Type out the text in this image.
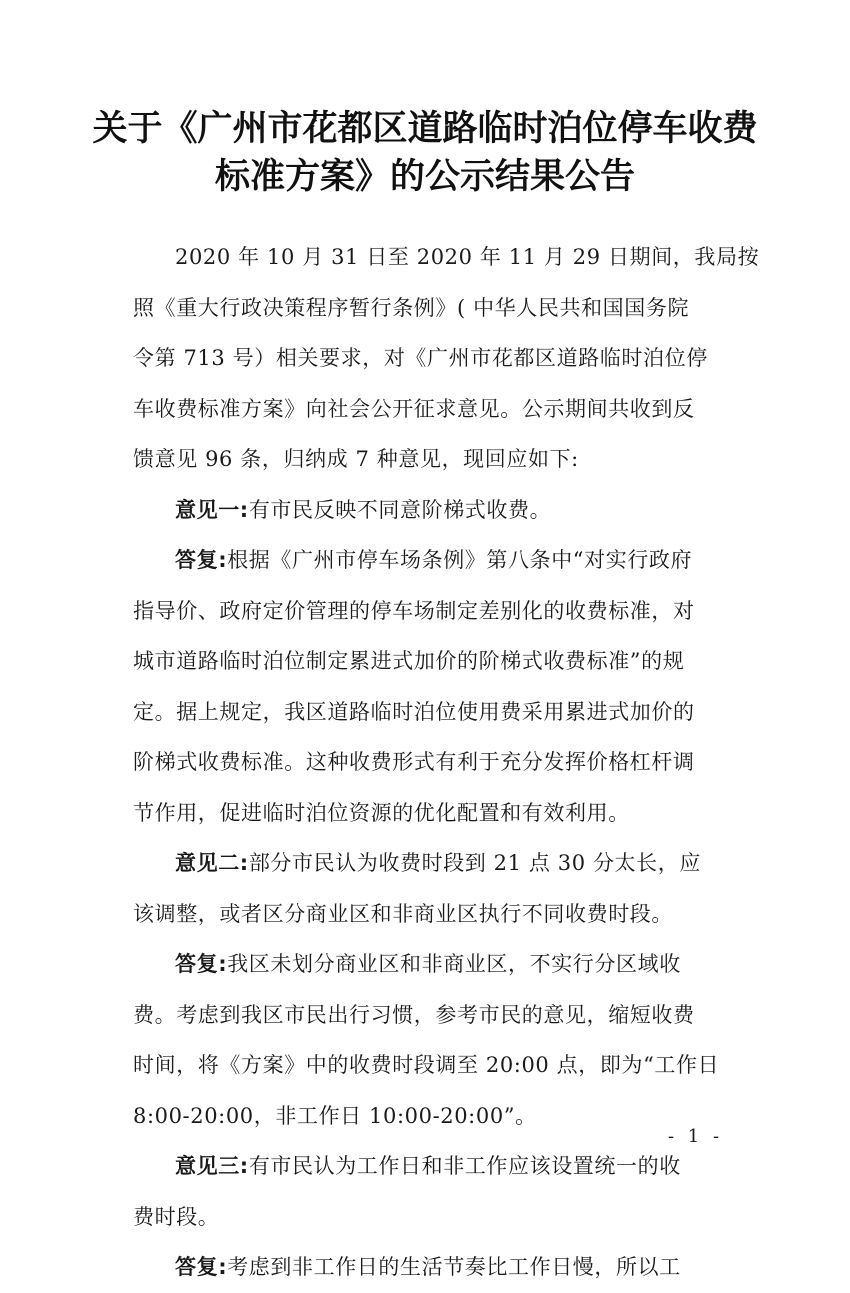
关于《广州市花都区道路临时泊位停车收费
标准方案》的公示结果公告
2020 年 10 月 31 日至 2020 年 11 月 29 日期间，我局按
照《重大行政决策程序暂行条例》( 中华人民共和国国务院
令第 713 号）相关要求，对《广州市花都区道路临时泊位停
车收费标准方案》向社会公开征求意见。公示期间共收到反
馈意见 96 条，归纳成 7 种意见，现回应如下:
意见一:有市民反映不同意阶梯式收费。
答复:根据《广州市停车场条例》第八条中“对实行政府
指导价、政府定价管理的停车场制定差别化的收费标准，对
城市道路临时泊位制定累进式加价的阶梯式收费标准”的规
定。据上规定，我区道路临时泊位使用费采用累进式加价的
阶梯式收费标准。这种收费形式有利于充分发挥价格杠杆调
节作用，促进临时泊位资源的优化配置和有效利用。
意见二:部分市民认为收费时段到 21 点 30 分太长，应
该调整，或者区分商业区和非商业区执行不同收费时段。
答复:我区未划分商业区和非商业区，不实行分区域收
费。考虑到我区市民出行习惯，参考市民的意见，缩短收费
时间，将《方案》中的收费时段调至 20:00 点，即为“工作日
8:00-20:00，非工作日 10:00-20:00”。
意见三:有市民认为工作日和非工作应该设置统一的收
费时段。
答复:考虑到非工作日的生活节奏比工作日慢，所以工
- 1 -
